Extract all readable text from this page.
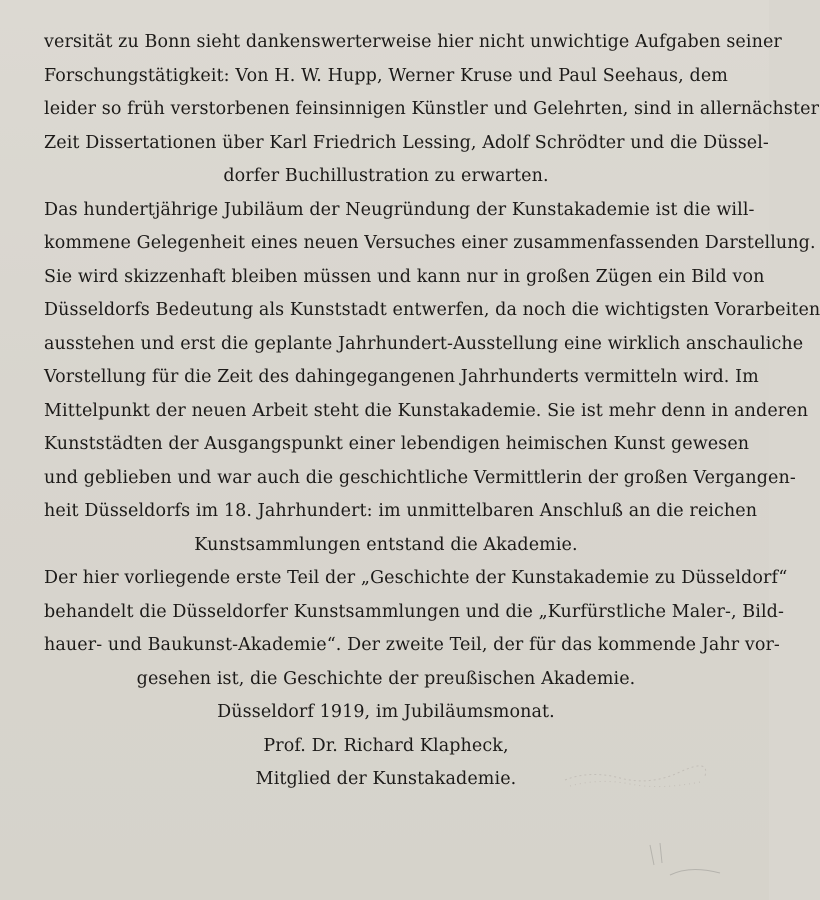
versität zu Bonn sieht dankenswerterweise hier nicht unwichtige Aufgaben seiner
Forschungstätigkeit: Von H. W. Hupp, Werner Kruse und Paul Seehaus, dem
leider so früh verstorbenen feinsinnigen Künstler und Gelehrten, sind in allernächster
Zeit Dissertationen über Karl Friedrich Lessing, Adolf Schrödter und die Düssel-
dorfer Buchillustration zu erwarten.
Das hundertjährige Jubiläum der Neugründung der Kunstakademie ist die will-
kommene Gelegenheit eines neuen Versuches einer zusammenfassenden Darstellung.
Sie wird skizzenhaft bleiben müssen und kann nur in großen Zügen ein Bild von
Düsseldorfs Bedeutung als Kunststadt entwerfen, da noch die wichtigsten Vorarbeiten
ausstehen und erst die geplante Jahrhundert-Ausstellung eine wirklich anschauliche
Vorstellung für die Zeit des dahingegangenen Jahrhunderts vermitteln wird. Im
Mittelpunkt der neuen Arbeit steht die Kunstakademie. Sie ist mehr denn in anderen
Kunststädten der Ausgangspunkt einer lebendigen heimischen Kunst gewesen
und geblieben und war auch die geschichtliche Vermittlerin der großen Vergangen-
heit Düsseldorfs im 18. Jahrhundert: im unmittelbaren Anschluß an die reichen
Kunstsammlungen entstand die Akademie.
Der hier vorliegende erste Teil der „Geschichte der Kunstakademie zu Düsseldorf“
behandelt die Düsseldorfer Kunstsammlungen und die „Kurfürstliche Maler-, Bild-
hauer- und Baukunst-Akademie“. Der zweite Teil, der für das kommende Jahr vor-
gesehen ist, die Geschichte der preußischen Akademie.
Düsseldorf 1919, im Jubiläumsmonat.
Prof. Dr. Richard Klapheck,
Mitglied der Kunstakademie.
